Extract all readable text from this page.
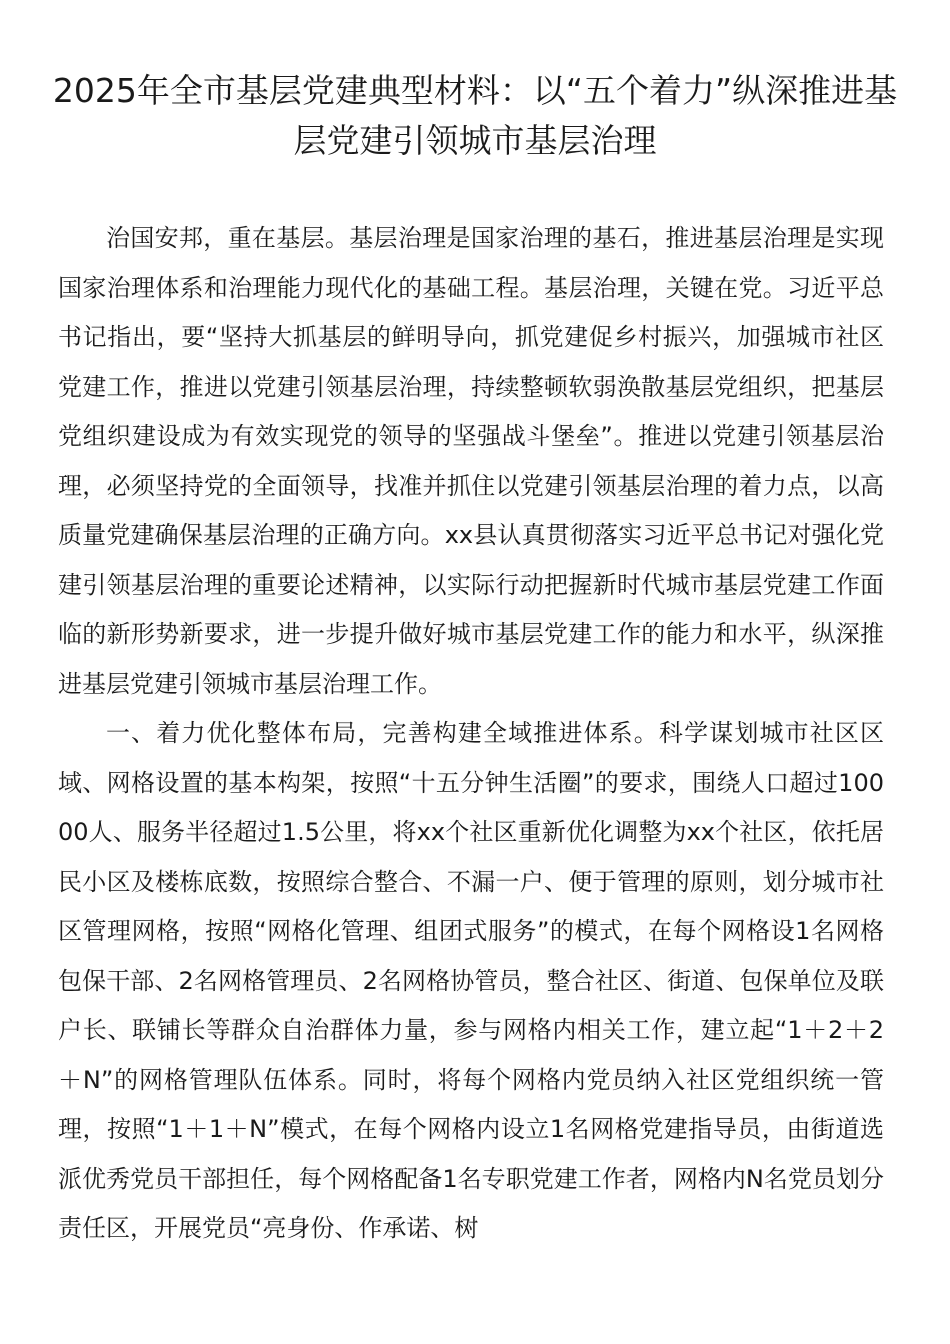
2025年全市基层党建典型材料：以“五个着力”纵深推进基层党建引领城市基层治理

治国安邦，重在基层。基层治理是国家治理的基石，推进基层治理是实现国家治理体系和治理能力现代化的基础工程。基层治理，关键在党。习近平总书记指出，要“坚持大抓基层的鲜明导向，抓党建促乡村振兴，加强城市社区党建工作，推进以党建引领基层治理，持续整顿软弱涣散基层党组织，把基层党组织建设成为有效实现党的领导的坚强战斗堡垒”。推进以党建引领基层治理，必须坚持党的全面领导，找准并抓住以党建引领基层治理的着力点，以高质量党建确保基层治理的正确方向。xx县认真贯彻落实习近平总书记对强化党建引领基层治理的重要论述精神，以实际行动把握新时代城市基层党建工作面临的新形势新要求，进一步提升做好城市基层党建工作的能力和水平，纵深推进基层党建引领城市基层治理工作。

一、着力优化整体布局，完善构建全域推进体系。科学谋划城市社区区域、网格设置的基本构架，按照“十五分钟生活圈”的要求，围绕人口超过10000人、服务半径超过1.5公里，将xx个社区重新优化调整为xx个社区，依托居民小区及楼栋底数，按照综合整合、不漏一户、便于管理的原则，划分城市社区管理网格，按照“网格化管理、组团式服务”的模式，在每个网格设1名网格包保干部、2名网格管理员、2名网格协管员，整合社区、街道、包保单位及联户长、联铺长等群众自治群体力量，参与网格内相关工作，建立起“1＋2＋2＋N”的网格管理队伍体系。同时，将每个网格内党员纳入社区党组织统一管理，按照“1＋1＋N”模式，在每个网格内设立1名网格党建指导员，由街道选派优秀党员干部担任，每个网格配备1名专职党建工作者，网格内N名党员划分责任区，开展党员“亮身份、作承诺、树
